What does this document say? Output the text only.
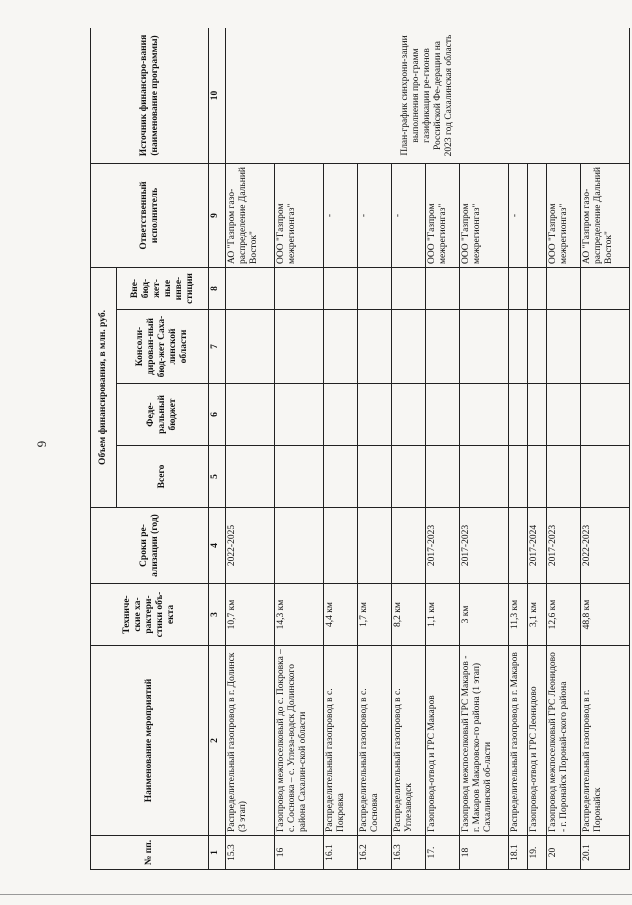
6
№ пп.	Наименование мероприятий	Техниче-ские ха-рактери-стики объ-екта	Сроки ре-ализации (год)	Объем финансирования, в млн. руб.				Ответственный исполнитель	Источник финансиро-вания (наименование программы)
				Всего	Феде-ральный бюджет	Консоли-дирован-ный бюд-жет Саха-линской области	Вне-бюд-жет-ные инве-стиции		
1	2	3	4	5	6	7	8	9	10
15.3	Распределительный газопровод в г. Долинск (3 этап)	10,7 км	2022-2025					АО "Газпром газо-распределение Дальний Восток"	План-график синхрони-зации выполнения про-грамм газификации ре-гионов Российской Фе-дерации на 2023 год Сахалинская область
16	Газопровод межпоселковый до с. Покровка – с. Сосновка – с. Углеза-водск Долинского района Сахалин-ской области	14,3 км						ООО "Газпром межрегионгаз"	
16.1	Распределительный газопровод в с. Покровка	4,4 км						-	
16.2	Распределительный газопровод в с. Сосновка	1,7 км						-	
16.3	Распределительный газопровод в с. Углезаводск	8,2 км						-	
17.	Газопровод-отвод и ГРС Макаров	1,1 км	2017-2023					ООО "Газпром межрегионгаз"	
18	Газопровод межпоселковый ГРС Макаров - г. Макаров Макаровско-го района (1 этап) Сахалинской об-ласти	3 км	2017-2023					ООО "Газпром межрегионгаз"	
18.1	Распределительный газопровод в г. Макаров	11,3 км						-	
19.	Газопровод-отвод и ГРС Леонидово	3,1 км	2017-2024						
20	Газопровод межпоселковый ГРС Леонидово - г. Поронайск Поронай-ского района	12,6 км	2017-2023					ООО "Газпром межрегионгаз"	
20.1	Распределительный газопровод в г. Поронайск	48,8 км	2022-2023					АО "Газпром газо-распределение Дальний Восток"	
